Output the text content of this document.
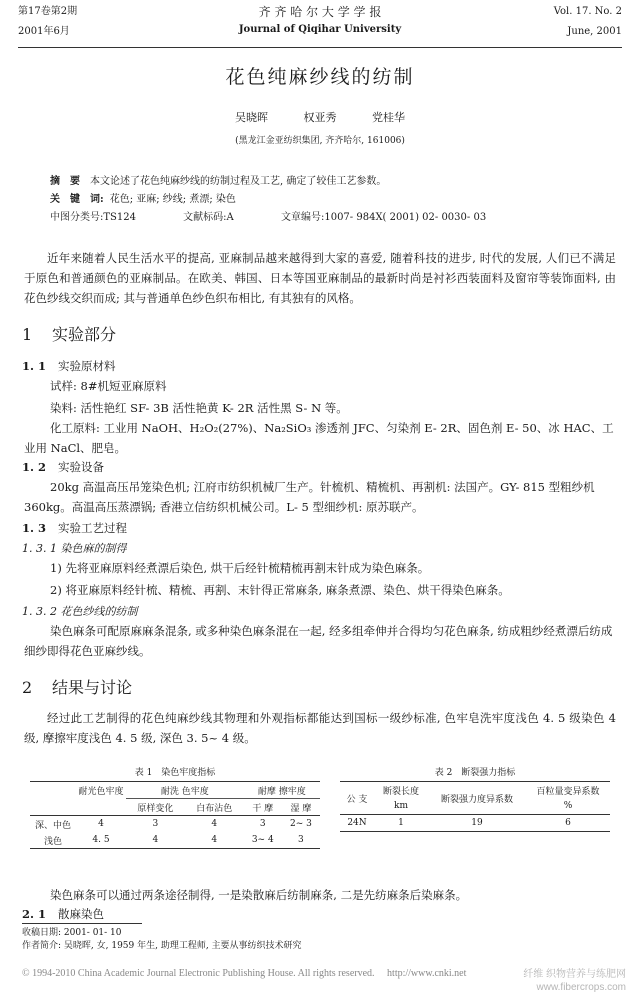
第17卷第2期
2001年6月
齐 齐 哈 尔 大 学 学 报
Journal of Qiqihar University
Vol. 17. No. 2
June, 2001
花色纯麻纱线的纺制
吴晓晖	权亚秀	党桂华
(黑龙江金亚纺织集团, 齐齐哈尔, 161006)
摘　要 本文论述了花色纯麻纱线的纺制过程及工艺, 确定了较佳工艺参数。
关　键　词: 花色; 亚麻; 纱线; 煮漂; 染色
中图分类号:TS124	文献标码:A	文章编号:1007- 984X( 2001) 02- 0030- 03
近年来随着人民生活水平的提高, 亚麻制品越来越得到大家的喜爱, 随着科技的进步, 时代的发展, 人们已不满足于原色和普通颜色的亚麻制品。在欧美、韩国、日本等国亚麻制品的最新时尚是衬衫西装面料及窗帘等装饰面料, 由花色纱线交织而成; 其与普通单色纱色织布相比, 有其独有的风格。
1 实验部分
1. 1 实验原材料
试样: 8#机短亚麻原料
染料: 活性艳红 SF- 3B 活性艳黄 K- 2R 活性黑 S- N 等。
化工原料: 工业用 NaOH、H₂O₂(27%)、Na₂SiO₃ 渗透剂 JFC、匀染剂 E- 2R、固色剂 E- 50、冰 HAC、工业用 NaCl、肥皂。
1. 2 实验设备
20kg 高温高压吊笼染色机; 江府市纺织机械厂生产。针梳机、精梳机、再割机: 法国产。GY- 815 型粗纱机 360kg。高温高压蒸漂锅; 香港立信纺织机械公司。L- 5 型细纱机: 原苏联产。
1. 3 实验工艺过程
1. 3. 1 染色麻的制得
1) 先将亚麻原料经煮漂后染色, 烘干后经针梳精梳再割末针成为染色麻条。
2) 将亚麻原料经针梳、精梳、再割、末针得正常麻条, 麻条煮漂、染色、烘干得染色麻条。
1. 3. 2 花色纱线的纺制
染色麻条可配原麻麻条混条, 或多种染色麻条混在一起, 经多组牵伸并合得均匀花色麻条, 纺成粗纱经煮漂后纺成细纱即得花色亚麻纱线。
2 结果与讨论
经过此工艺制得的花色纯麻纱线其物理和外观指标都能达到国标一级纱标准, 色牢皂洗牢度浅色 4. 5 级染色 4 级, 摩擦牢度浅色 4. 5 级, 深色 3. 5~ 4 级。
表 1　染色牢度指标
	耐光色牢度	耐洗 色牢度		耐摩 擦牢度	
		原样变化	白布沾色	干 摩	湿 摩
深、中色	4	3	4	3	2~ 3
浅色	4. 5	4	4	3~ 4	3
表 2　断裂强力指标
公 支	断裂长度	断裂强力度异系数	百粒量变异系数
	km		%
24N	1	19	6
染色麻条可以通过两条途径制得, 一是染散麻后纺制麻条, 二是先纺麻条后染麻条。
2. 1 散麻染色
收稿日期: 2001- 01- 10
作者简介: 吴晓晖, 女, 1959 年生, 助理工程师, 主要从事纺织技术研究
© 1994-2010 China Academic Journal Electronic Publishing House. All rights reserved.　 http://www.cnki.net	纤维 织物营养与练肥网
www.fibercrops.com
